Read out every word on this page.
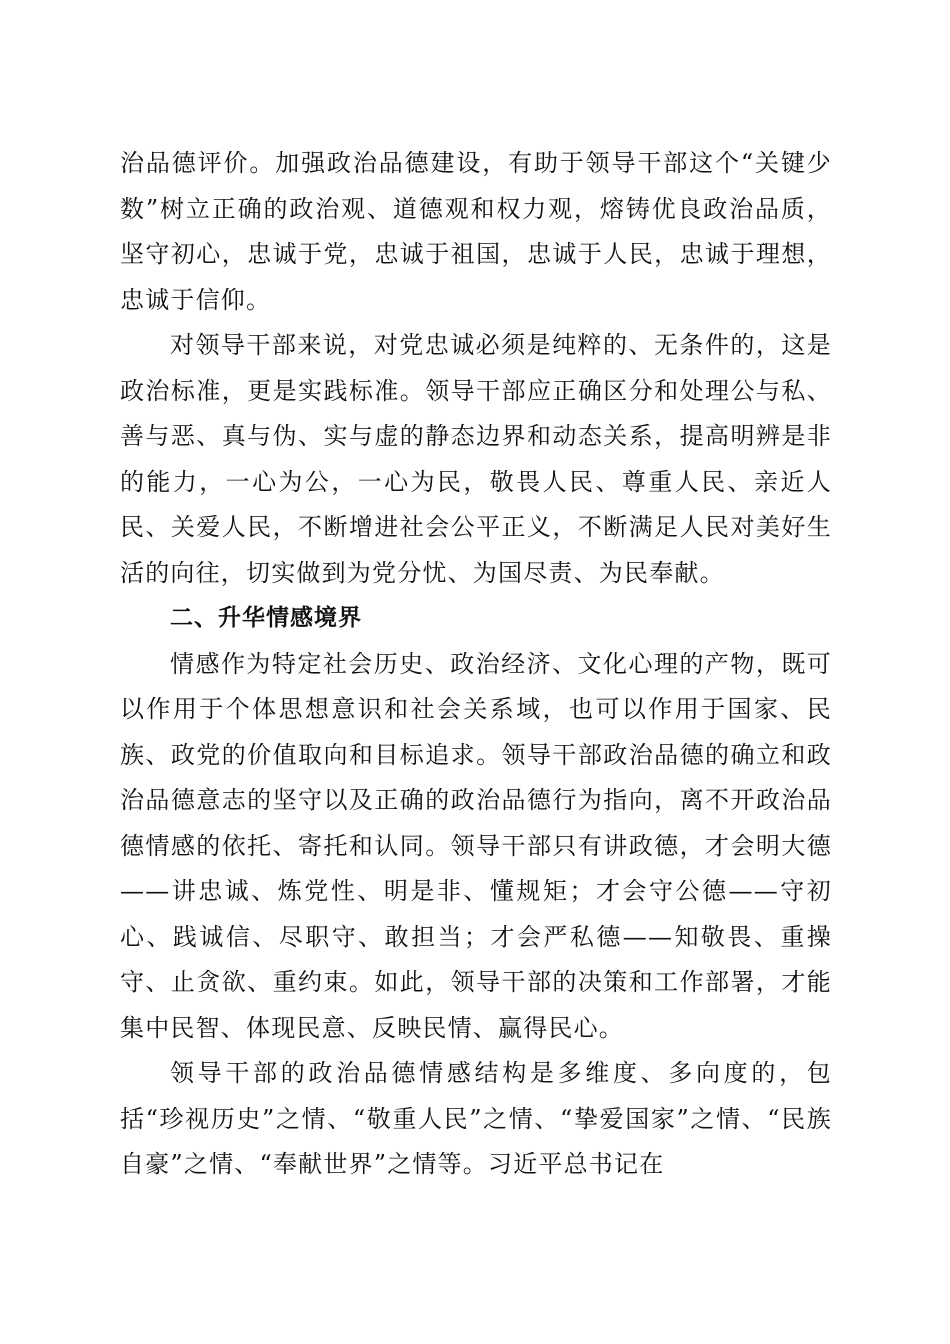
治品德评价。加强政治品德建设，有助于领导干部这个“关键少数”树立正确的政治观、道德观和权力观，熔铸优良政治品质，坚守初心，忠诚于党，忠诚于祖国，忠诚于人民，忠诚于理想，忠诚于信仰。

对领导干部来说，对党忠诚必须是纯粹的、无条件的，这是政治标准，更是实践标准。领导干部应正确区分和处理公与私、善与恶、真与伪、实与虚的静态边界和动态关系，提高明辨是非的能力，一心为公，一心为民，敬畏人民、尊重人民、亲近人民、关爱人民，不断增进社会公平正义，不断满足人民对美好生活的向往，切实做到为党分忧、为国尽责、为民奉献。

二、升华情感境界

情感作为特定社会历史、政治经济、文化心理的产物，既可以作用于个体思想意识和社会关系域，也可以作用于国家、民族、政党的价值取向和目标追求。领导干部政治品德的确立和政治品德意志的坚守以及正确的政治品德行为指向，离不开政治品德情感的依托、寄托和认同。领导干部只有讲政德，才会明大德——讲忠诚、炼党性、明是非、懂规矩；才会守公德——守初心、践诚信、尽职守、敢担当；才会严私德——知敬畏、重操守、止贪欲、重约束。如此，领导干部的决策和工作部署，才能集中民智、体现民意、反映民情、赢得民心。

领导干部的政治品德情感结构是多维度、多向度的，包括“珍视历史”之情、“敬重人民”之情、“挚爱国家”之情、“民族自豪”之情、“奉献世界”之情等。习近平总书记在
